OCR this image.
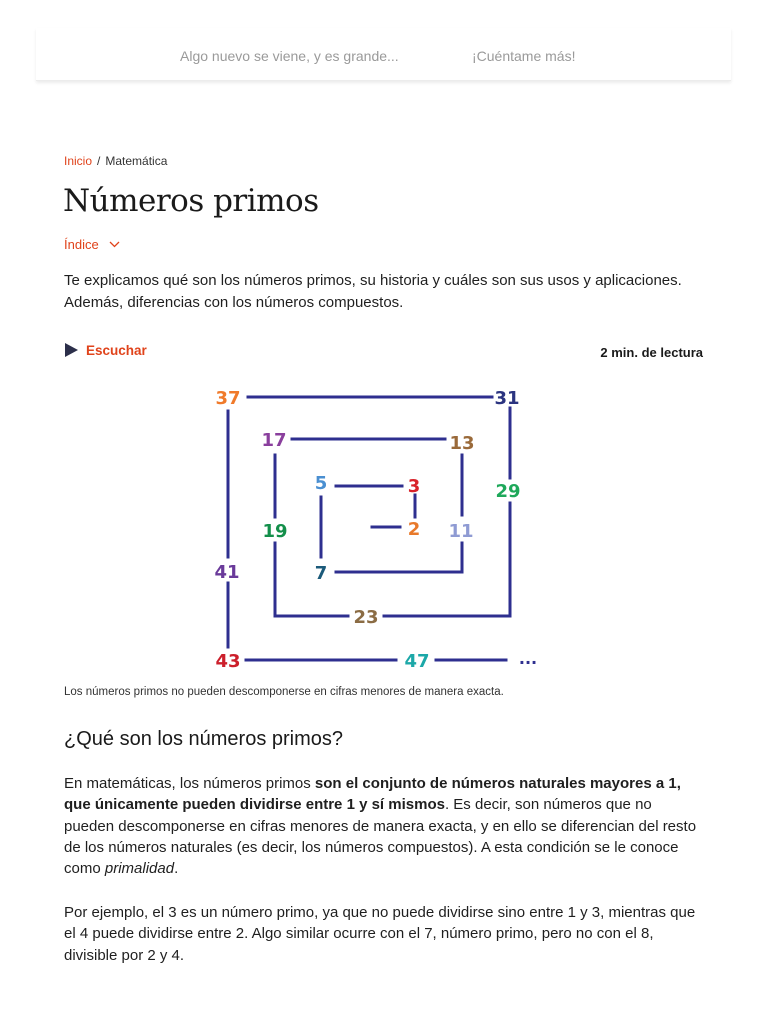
Algo nuevo se viene, y es grande...	¡Cuéntame más!
Inicio / Matemática
Números primos
Índice

Te explicamos qué son los números primos, su historia y cuáles son sus usos y aplicaciones. Además, diferencias con los números compuestos.

Escuchar	2 min. de lectura
2
3
5
7
11
13
17
19
23
29
31
37
41
43	47	...
Los números primos no pueden descomponerse en cifras menores de manera exacta.
¿Qué son los números primos?

En matemáticas, los números primos son el conjunto de números naturales mayores a 1, que únicamente pueden dividirse entre 1 y sí mismos. Es decir, son números que no pueden descomponerse en cifras menores de manera exacta, y en ello se diferencian del resto de los números naturales (es decir, los números compuestos). A esta condición se le conoce como primalidad.

Por ejemplo, el 3 es un número primo, ya que no puede dividirse sino entre 1 y 3, mientras que el 4 puede dividirse entre 2. Algo similar ocurre con el 7, número primo, pero no con el 8, divisible por 2 y 4.
